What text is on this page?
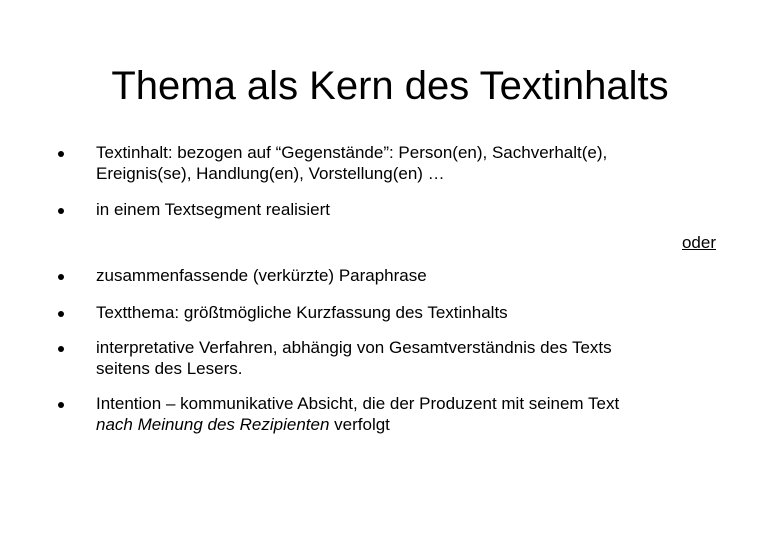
Thema als Kern des Textinhalts
Textinhalt: bezogen auf “Gegenstände”: Person(en), Sachverhalt(e),
Ereignis(se), Handlung(en), Vorstellung(en) …
in einem Textsegment realisiert
oder
zusammenfassende (verkürzte) Paraphrase
Textthema: größtmögliche Kurzfassung des Textinhalts
interpretative Verfahren, abhängig von Gesamtverständnis des Texts
seitens des Lesers.
Intention – kommunikative Absicht, die der Produzent mit seinem Text
nach Meinung des Rezipienten verfolgt
